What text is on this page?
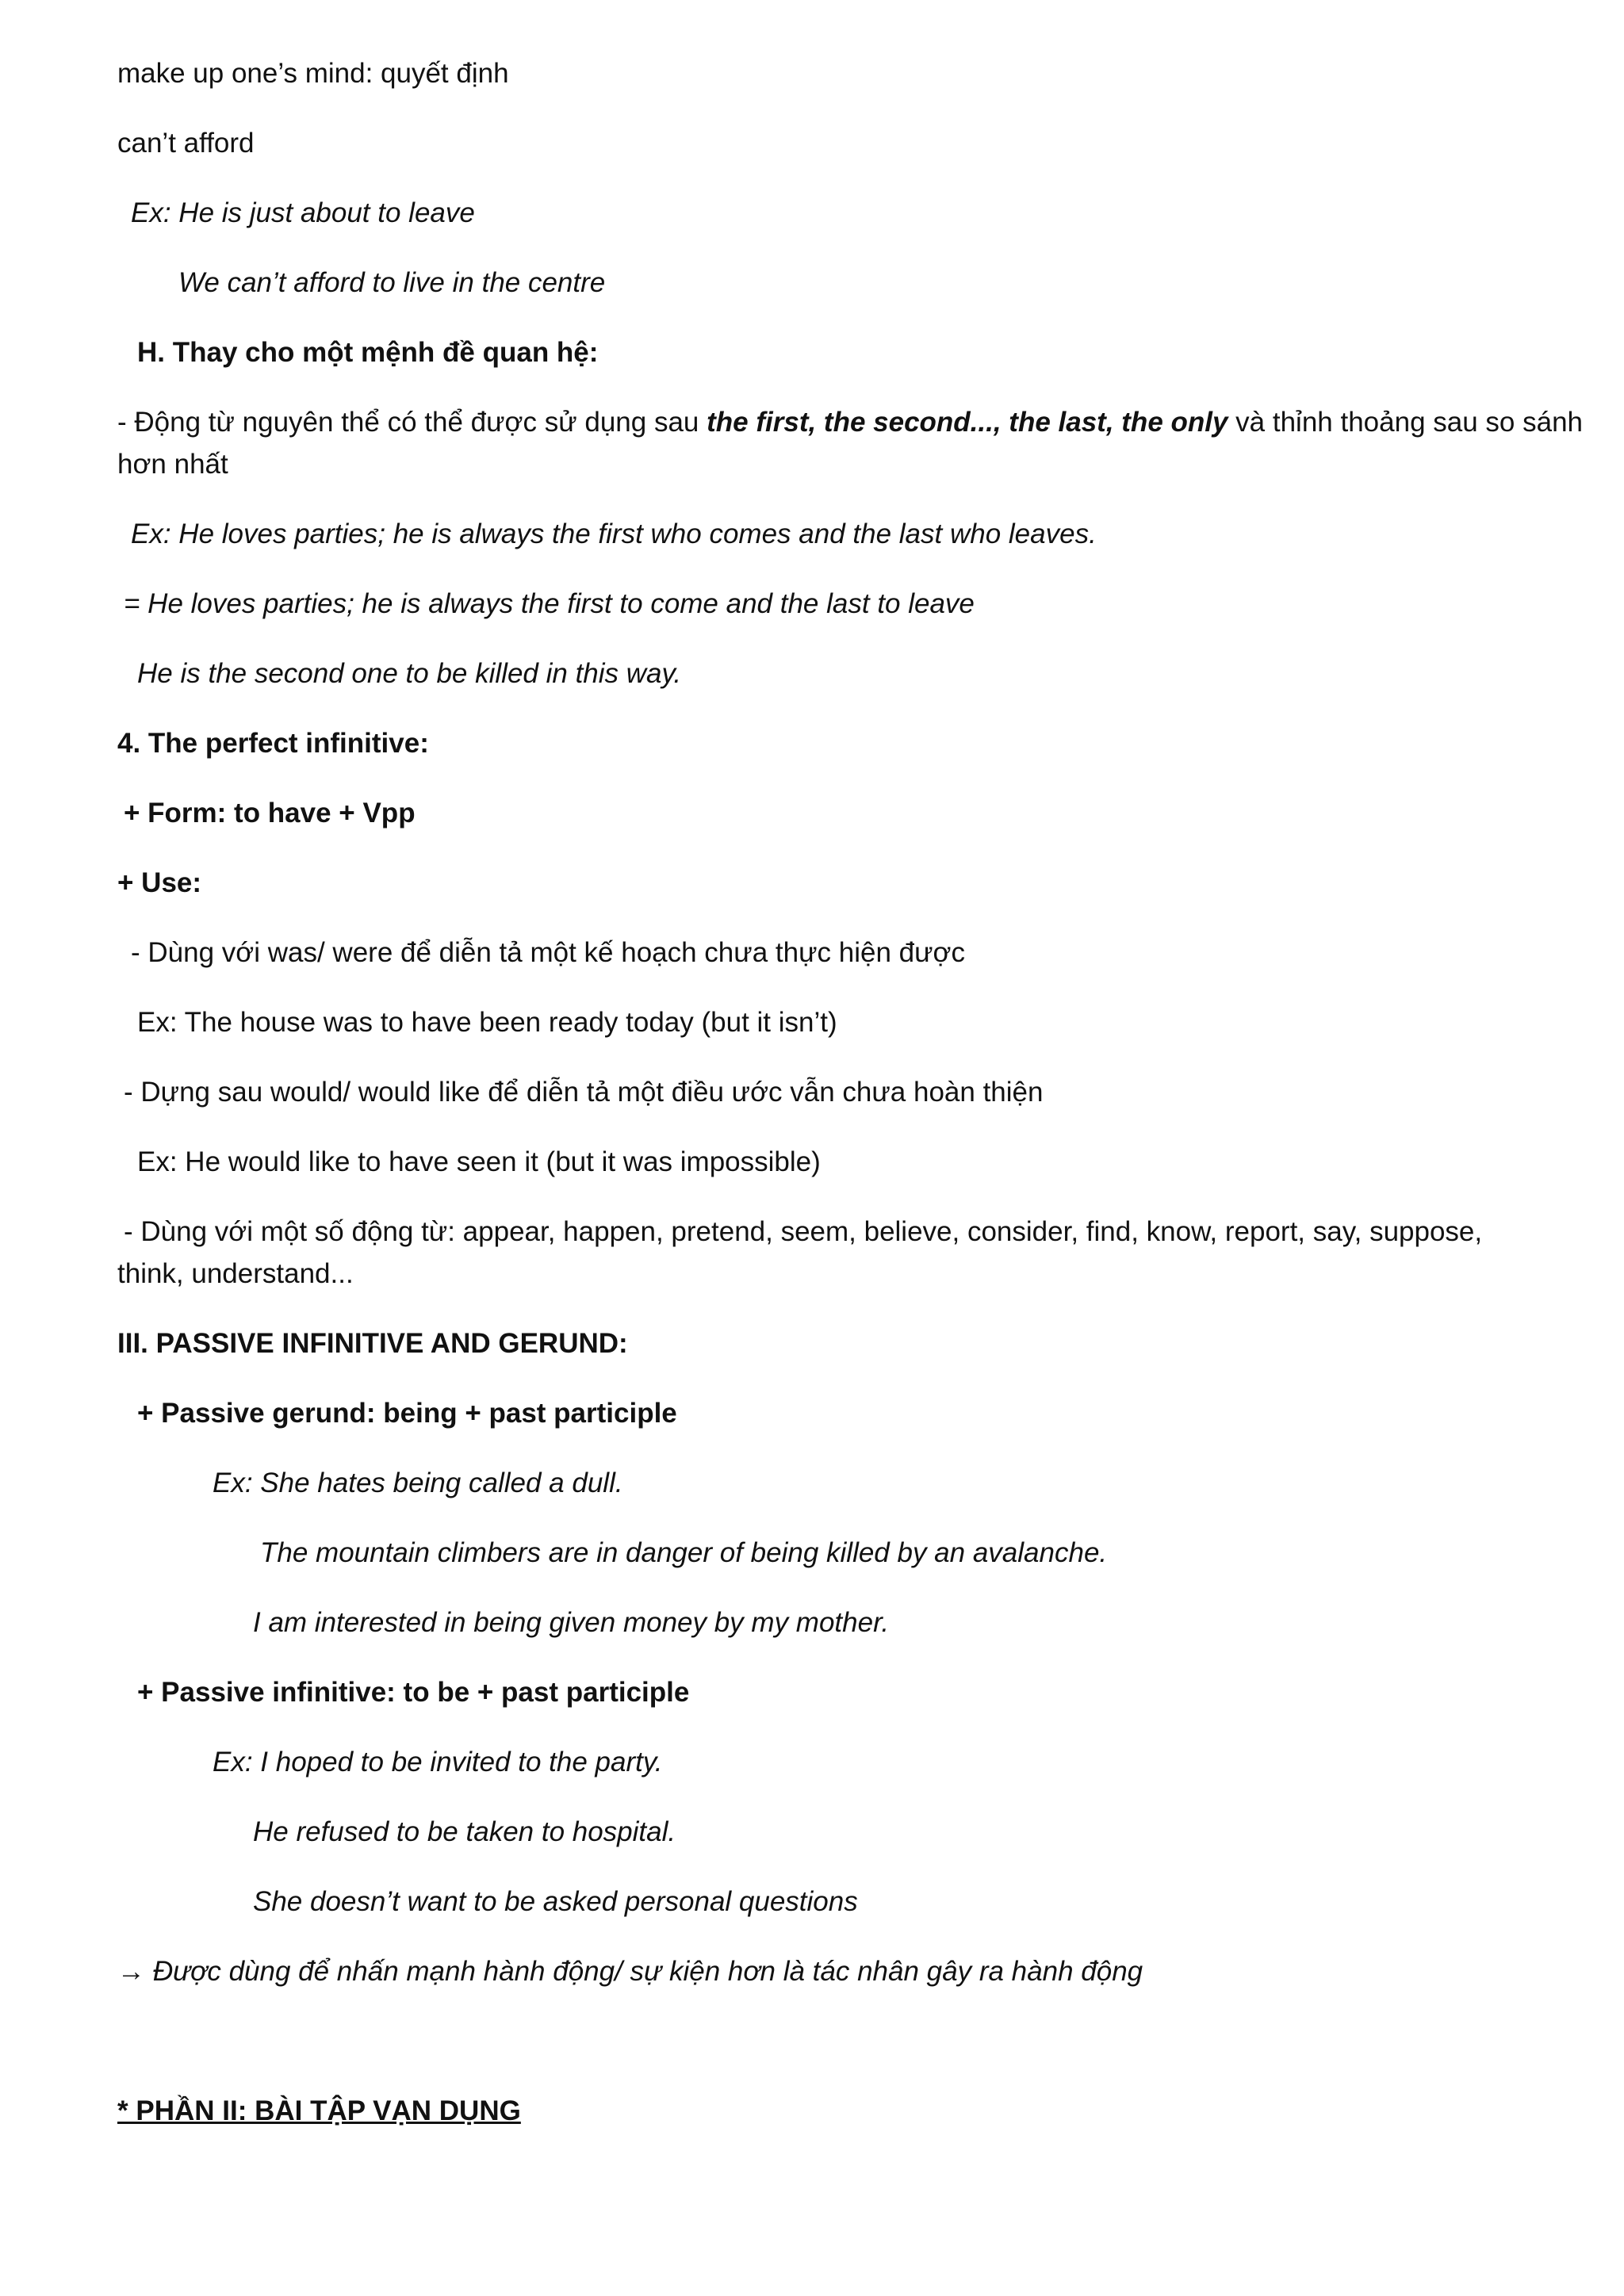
make up one’s mind: quyết định
can’t afford
Ex: He is just about to leave
We can’t afford to live in the centre
H. Thay cho một mệnh đề quan hệ:
- Động từ nguyên thể có thể được sử dụng sau the first, the second..., the last, the only và thỉnh thoảng sau so sánh
hơn nhất
Ex: He loves parties; he is always the first who comes and the last who leaves.
= He loves parties; he is always the first to come and the last to leave
He is the second one to be killed in this way.
4. The perfect infinitive:
+ Form: to have + Vpp
+ Use:
- Dùng với was/ were để diễn tả một kế hoạch chưa thực hiện được
Ex: The house was to have been ready today (but it isn’t)
- Dựng sau would/ would like để diễn tả một điều ước vẫn chưa hoàn thiện
Ex: He would like to have seen it (but it was impossible)
- Dùng với một số động từ: appear, happen, pretend, seem, believe, consider, find, know, report, say, suppose,
think, understand...
III. PASSIVE INFINITIVE AND GERUND:
+ Passive gerund: being + past participle
Ex: She hates being called a dull.
The mountain climbers are in danger of being killed by an avalanche.
I am interested in being given money by my mother.
+ Passive infinitive: to be + past participle
Ex: I hoped to be invited to the party.
He refused to be taken to hospital.
She doesn’t want to be asked personal questions
→ Được dùng để nhấn mạnh hành động/ sự kiện hơn là tác nhân gây ra hành động
* PHẦN II: BÀI TẬP VẠN DỤNG
